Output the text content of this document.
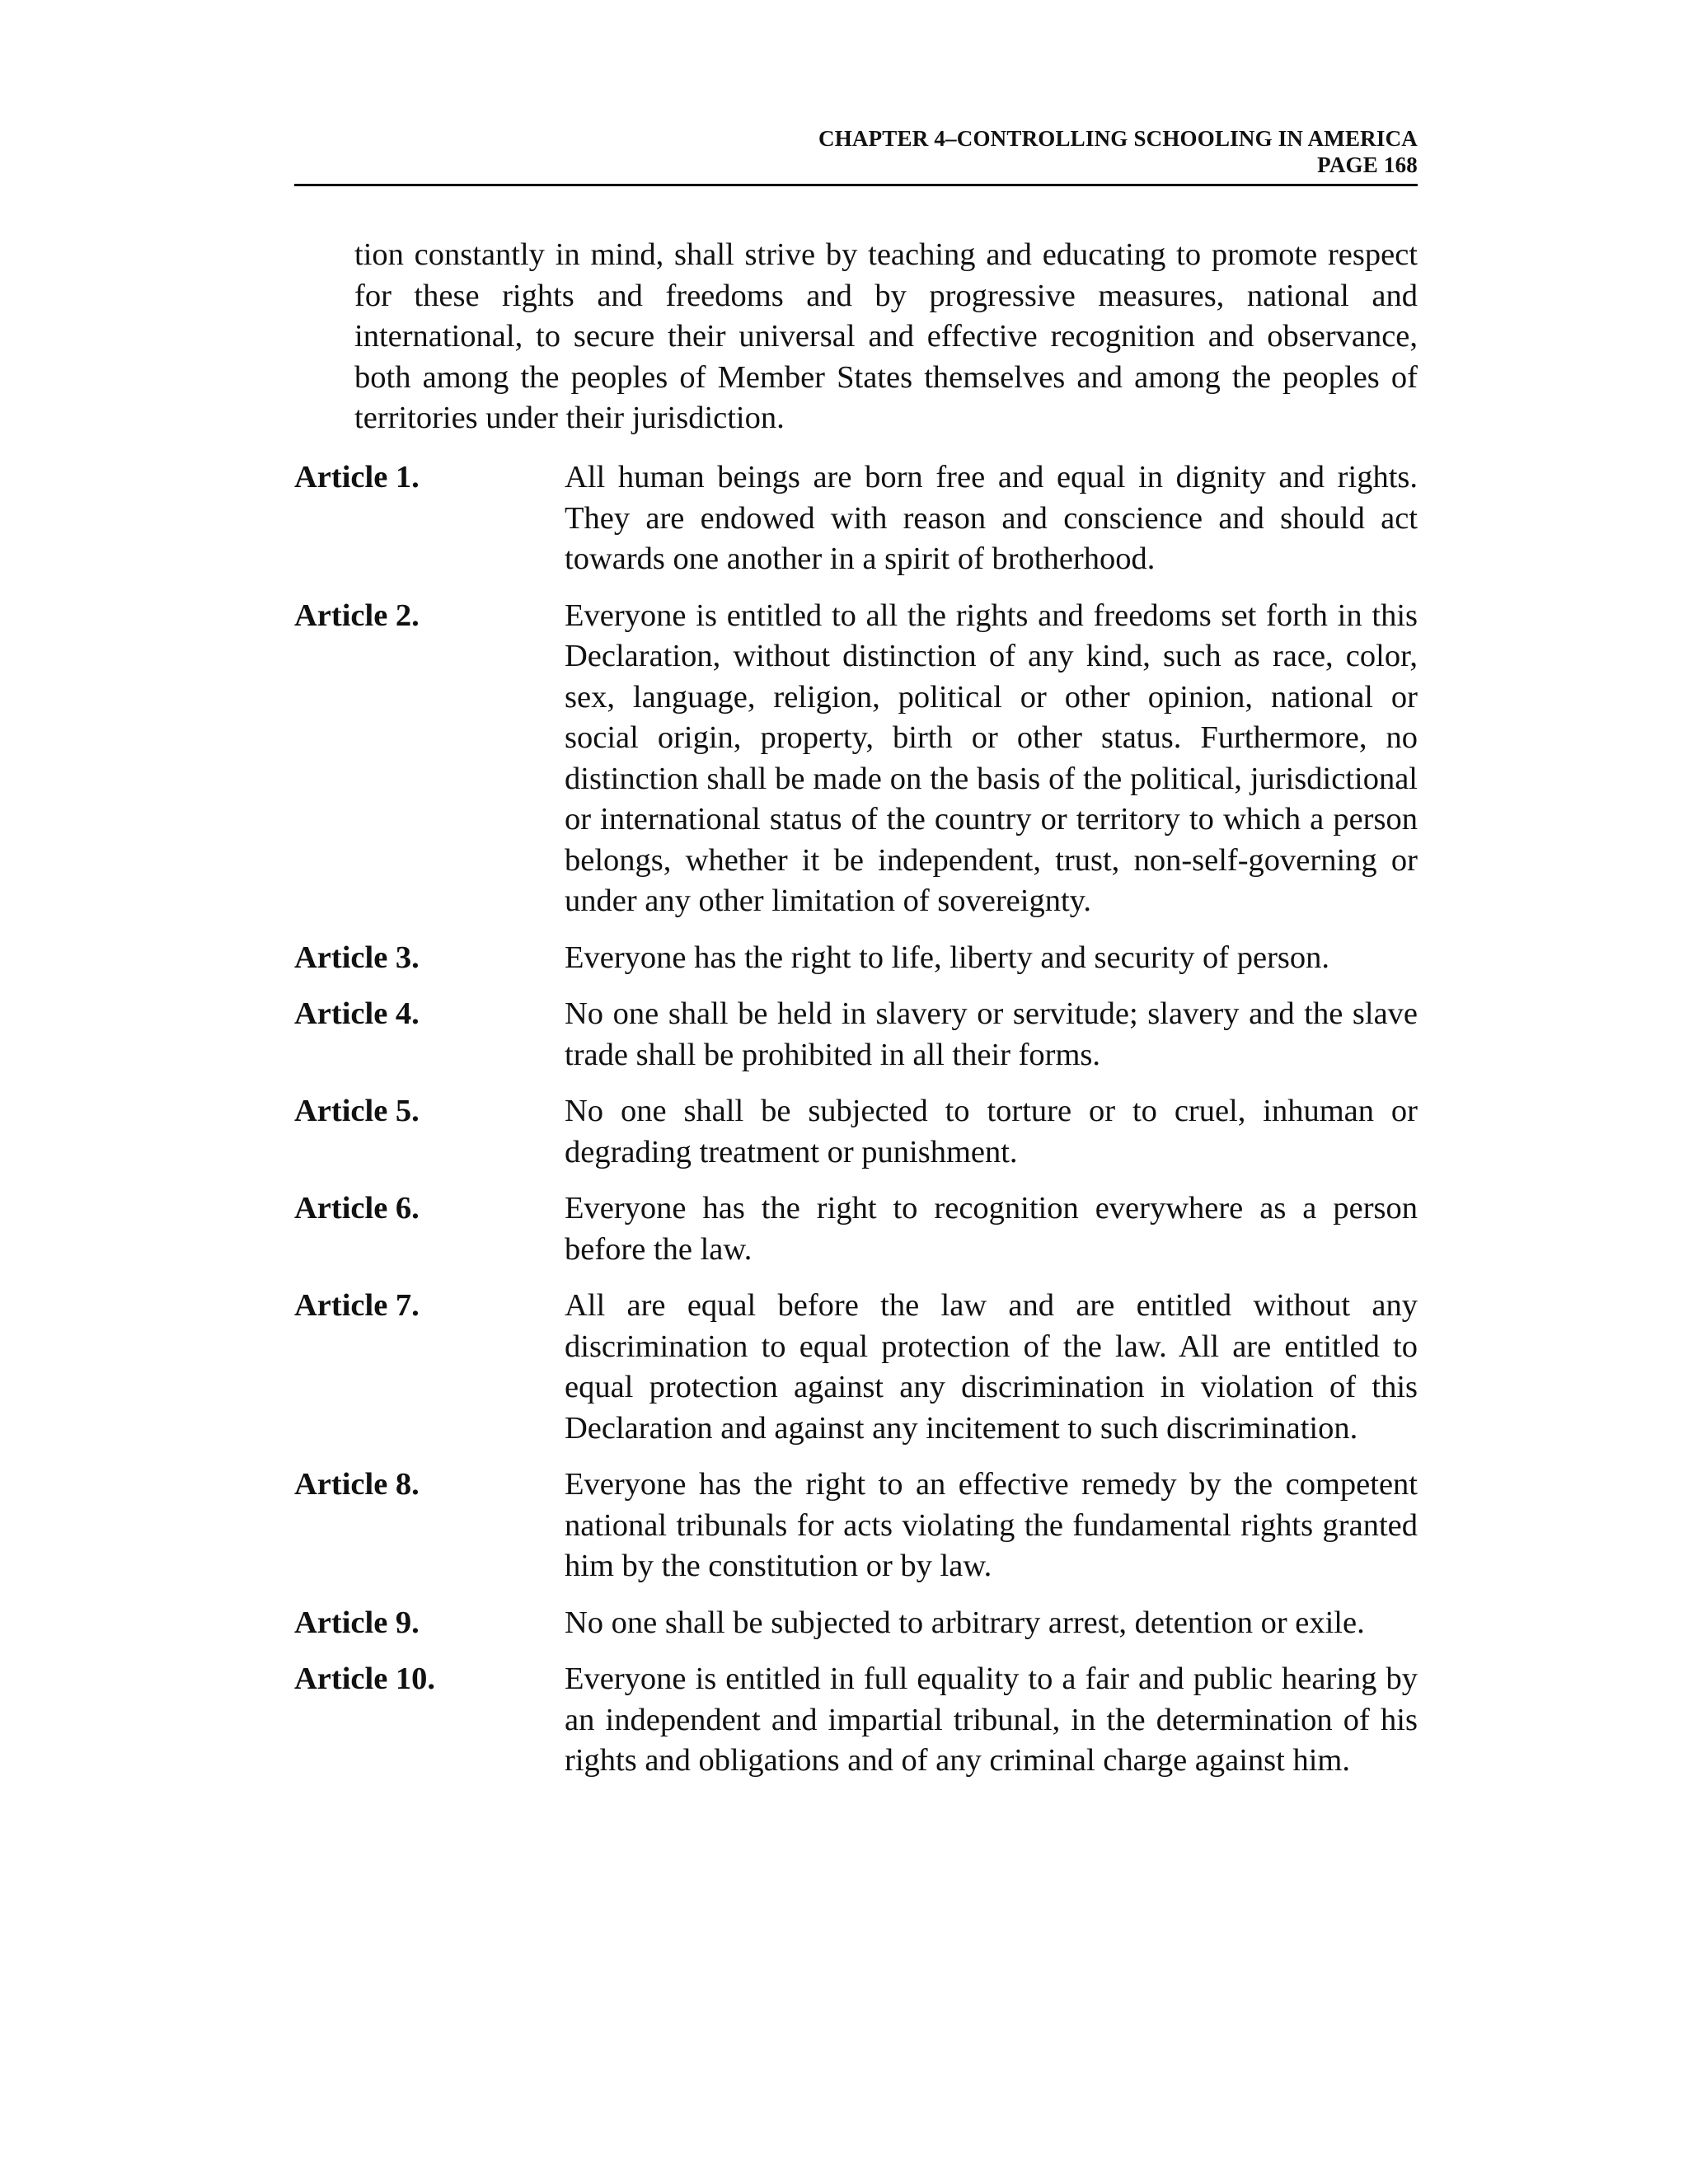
CHAPTER 4–CONTROLLING SCHOOLING IN AMERICA
PAGE 168
tion constantly in mind, shall strive by teaching and educating to promote respect for these rights and freedoms and by progressive measures, national and international, to secure their universal and effective recognition and observance, both among the peoples of Member States themselves and among the peoples of territories under their jurisdiction.
Article 1.	All human beings are born free and equal in dignity and rights. They are endowed with reason and conscience and should act towards one another in a spirit of brotherhood.
Article 2.	Everyone is entitled to all the rights and freedoms set forth in this Declaration, without distinction of any kind, such as race, color, sex, language, religion, political or other opinion, national or social origin, property, birth or other status. Furthermore, no distinction shall be made on the basis of the political, jurisdictional or international status of the country or territory to which a person belongs, whether it be independent, trust, non-self-governing or under any other limitation of sovereignty.
Article 3.	Everyone has the right to life, liberty and security of person.
Article 4.	No one shall be held in slavery or servitude; slavery and the slave trade shall be prohibited in all their forms.
Article 5.	No one shall be subjected to torture or to cruel, inhuman or degrading treatment or punishment.
Article 6.	Everyone has the right to recognition everywhere as a person before the law.
Article 7.	All are equal before the law and are entitled without any discrimination to equal protection of the law. All are entitled to equal protection against any discrimination in violation of this Declaration and against any incitement to such discrimination.
Article 8.	Everyone has the right to an effective remedy by the competent national tribunals for acts violating the fundamental rights granted him by the constitution or by law.
Article 9.	No one shall be subjected to arbitrary arrest, detention or exile.
Article 10.	Everyone is entitled in full equality to a fair and public hearing by an independent and impartial tribunal, in the determination of his rights and obligations and of any criminal charge against him.
